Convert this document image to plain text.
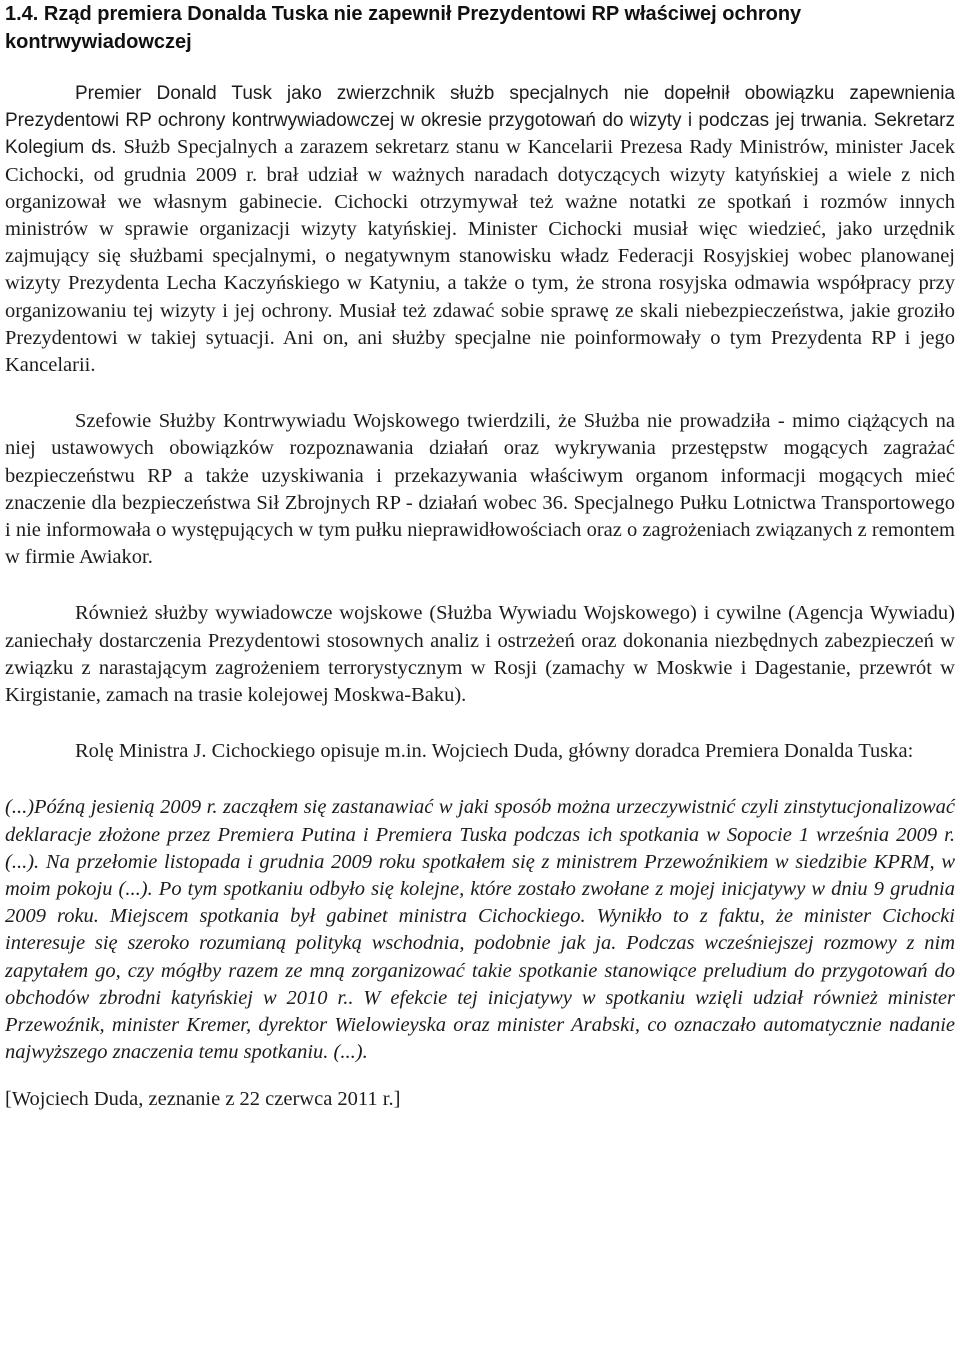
1.4. Rząd premiera Donalda Tuska nie zapewnił Prezydentowi RP właściwej ochrony kontrwywiadowczej

Premier Donald Tusk jako zwierzchnik służb specjalnych nie dopełnił obowiązku zapewnienia Prezydentowi RP ochrony kontrwywiadowczej w okresie przygotowań do wizyty i podczas jej trwania. Sekretarz Kolegium ds. Służb Specjalnych a zarazem sekretarz stanu w Kancelarii Prezesa Rady Ministrów, minister Jacek Cichocki, od grudnia 2009 r. brał udział w ważnych naradach dotyczących wizyty katyńskiej a wiele z nich organizował we własnym gabinecie. Cichocki otrzymywał też ważne notatki ze spotkań i rozmów innych ministrów w sprawie organizacji wizyty katyńskiej. Minister Cichocki musiał więc wiedzieć, jako urzędnik zajmujący się służbami specjalnymi, o negatywnym stanowisku władz Federacji Rosyjskiej wobec planowanej wizyty Prezydenta Lecha Kaczyńskiego w Katyniu, a także o tym, że strona rosyjska odmawia współpracy przy organizowaniu tej wizyty i jej ochrony. Musiał też zdawać sobie sprawę ze skali niebezpieczeństwa, jakie groziło Prezydentowi w takiej sytuacji. Ani on, ani służby specjalne nie poinformowały o tym Prezydenta RP i jego Kancelarii.

Szefowie Służby Kontrwywiadu Wojskowego twierdzili, że Służba nie prowadziła - mimo ciążących na niej ustawowych obowiązków rozpoznawania działań oraz wykrywania przestępstw mogących zagrażać bezpieczeństwu RP a także uzyskiwania i przekazywania właściwym organom informacji mogących mieć znaczenie dla bezpieczeństwa Sił Zbrojnych RP - działań wobec 36. Specjalnego Pułku Lotnictwa Transportowego i nie informowała o występujących w tym pułku nieprawidłowościach oraz o zagrożeniach związanych z remontem w firmie Awiakor.

Również służby wywiadowcze wojskowe (Służba Wywiadu Wojskowego) i cywilne (Agencja Wywiadu) zaniechały dostarczenia Prezydentowi stosownych analiz i ostrzeżeń oraz dokonania niezbędnych zabezpieczeń w związku z narastającym zagrożeniem terrorystycznym w Rosji (zamachy w Moskwie i Dagestanie, przewrót w Kirgistanie, zamach na trasie kolejowej Moskwa-Baku).

Rolę Ministra J. Cichockiego opisuje m.in. Wojciech Duda, główny doradca Premiera Donalda Tuska:

(...)Późną jesienią 2009 r. zacząłem się zastanawiać w jaki sposób można urzeczywistnić czyli zinstytucjonalizować deklaracje złożone przez Premiera Putina i Premiera Tuska podczas ich spotkania w Sopocie 1 września 2009 r. (...). Na przełomie listopada i grudnia 2009 roku spotkałem się z ministrem Przewoźnikiem w siedzibie KPRM, w moim pokoju (...). Po tym spotkaniu odbyło się kolejne, które zostało zwołane z mojej inicjatywy w dniu 9 grudnia 2009 roku. Miejscem spotkania był gabinet ministra Cichockiego. Wynikło to z faktu, że minister Cichocki interesuje się szeroko rozumianą polityką wschodnia, podobnie jak ja. Podczas wcześniejszej rozmowy z nim zapytałem go, czy mógłby razem ze mną zorganizować takie spotkanie stanowiące preludium do przygotowań do obchodów zbrodni katyńskiej w 2010 r.. W efekcie tej inicjatywy w spotkaniu wzięli udział również minister Przewoźnik, minister Kremer, dyrektor Wielowieyska oraz minister Arabski, co oznaczało automatycznie nadanie najwyższego znaczenia temu spotkaniu. (...).

[Wojciech Duda, zeznanie z 22 czerwca 2011 r.]
